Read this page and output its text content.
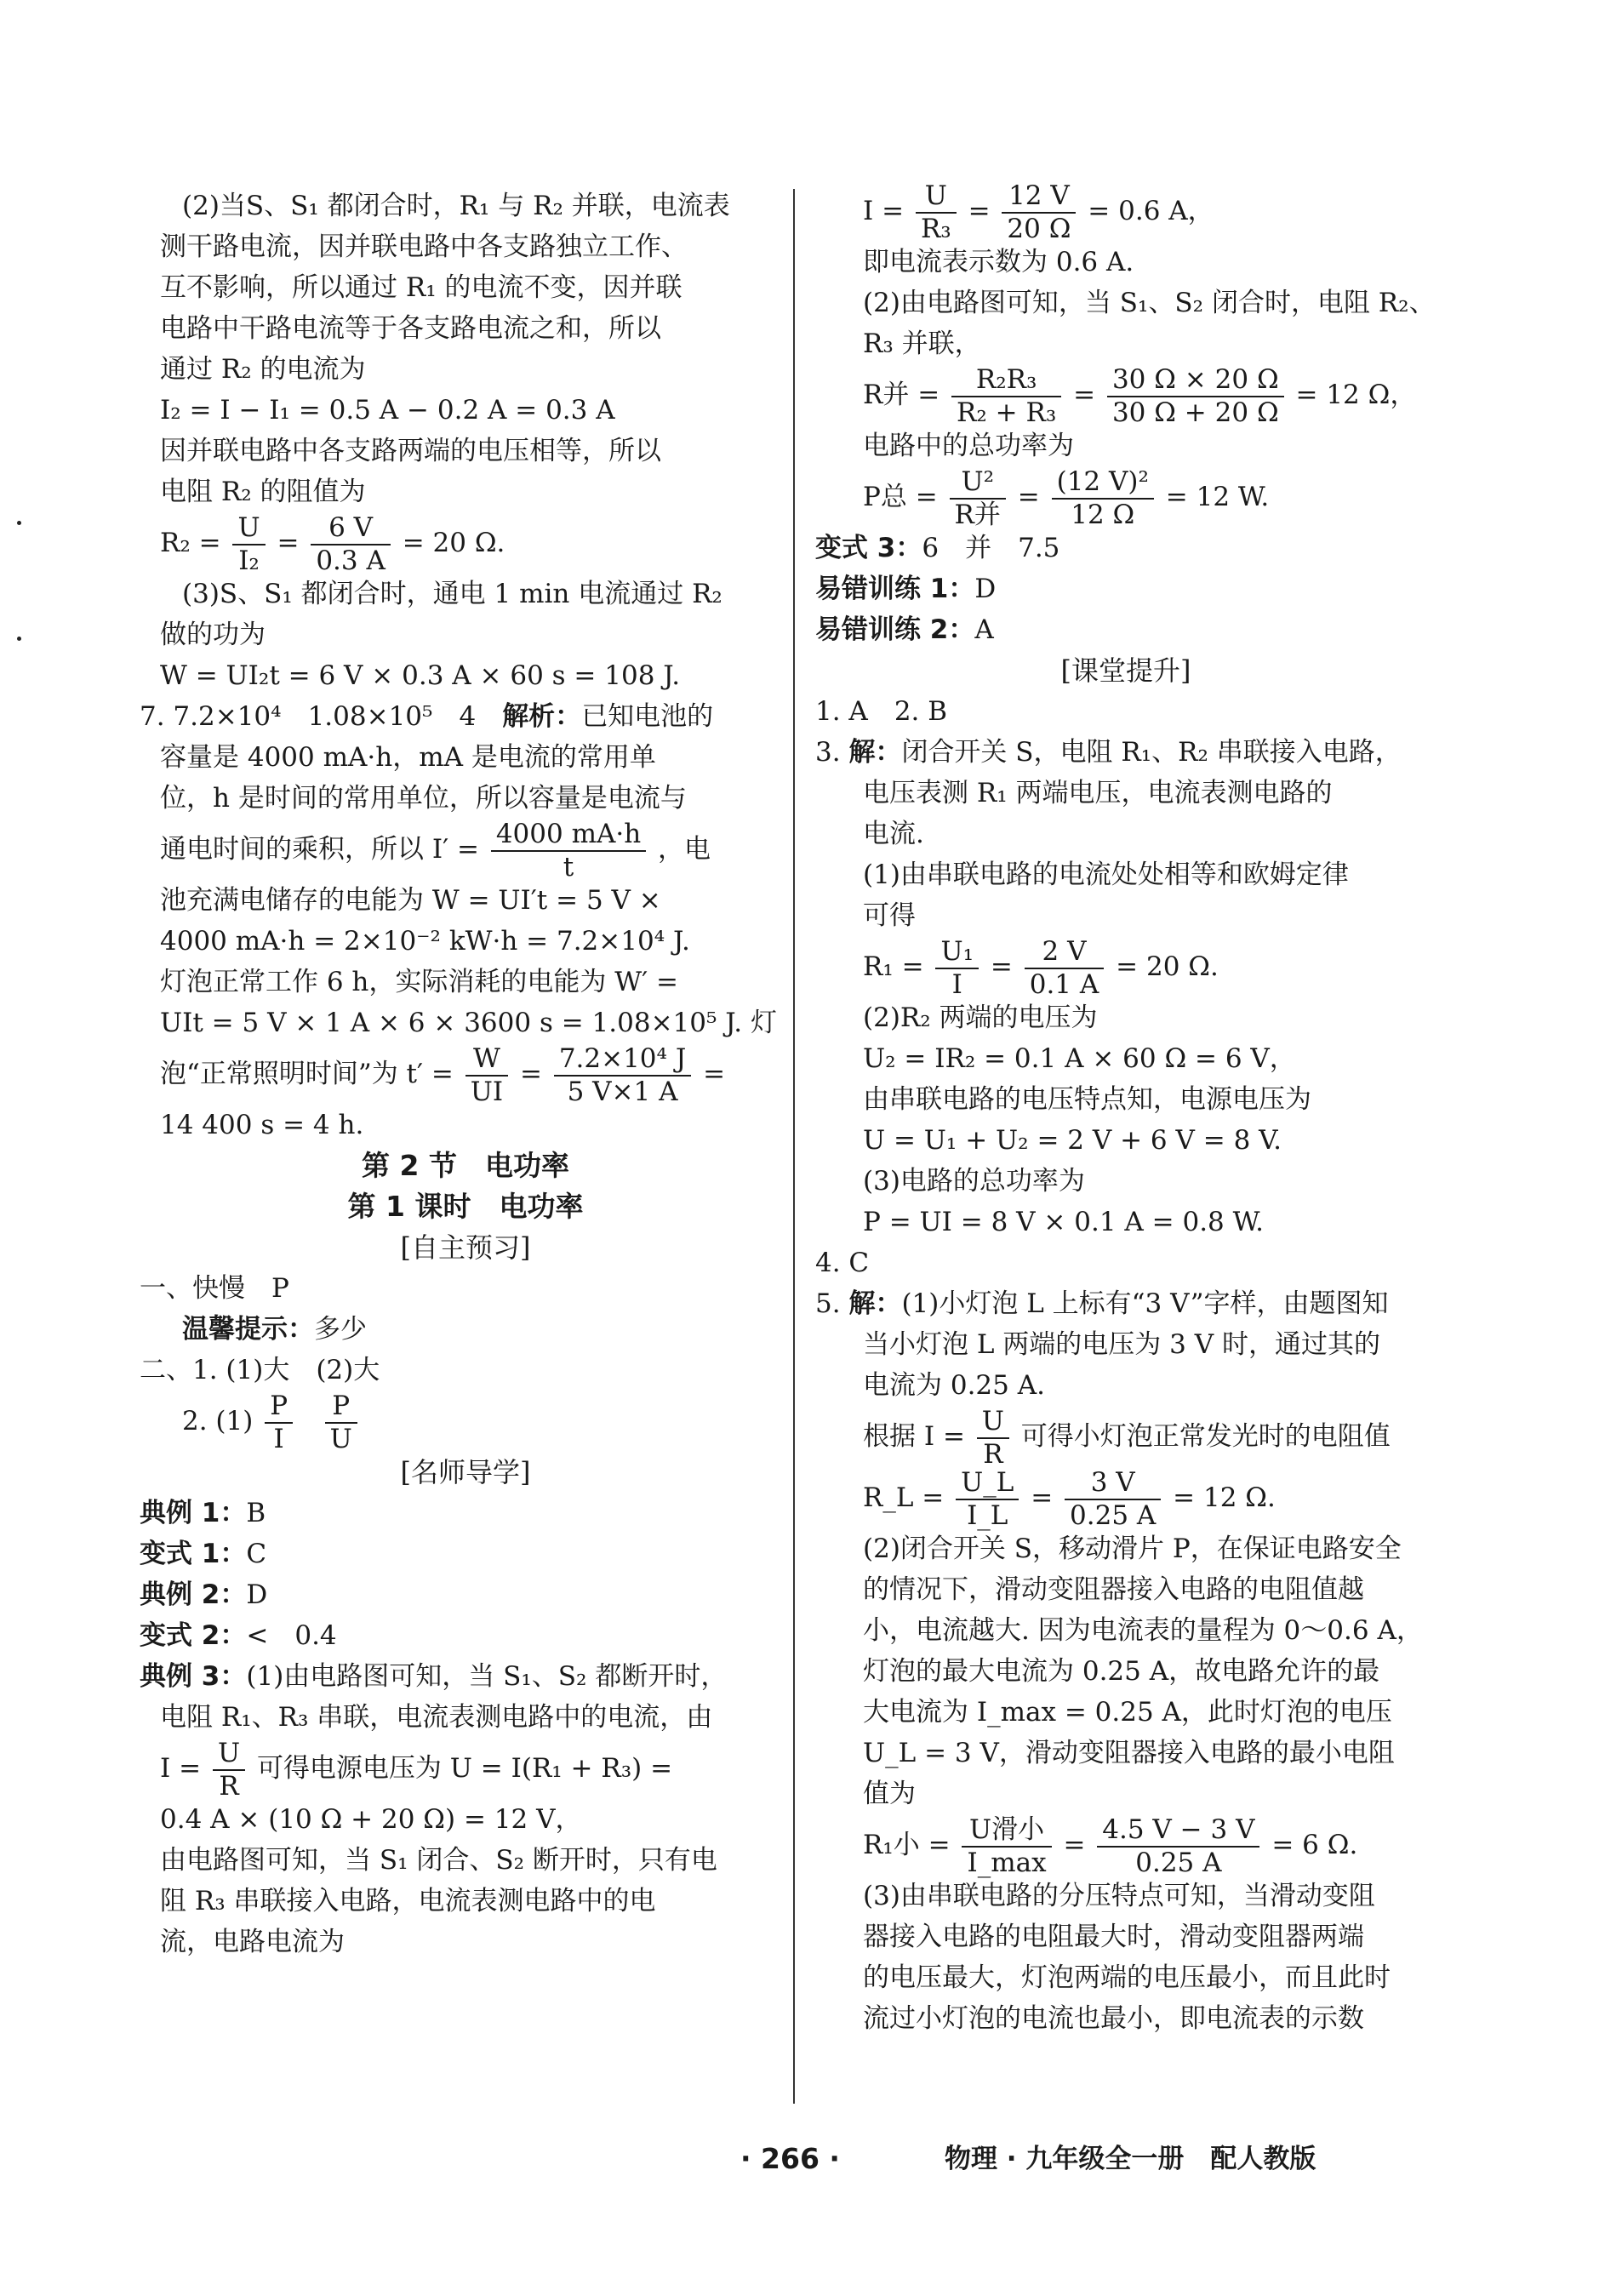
(2)当S、S₁ 都闭合时，R₁ 与 R₂ 并联，电流表
测干路电流，因并联电路中各支路独立工作、
互不影响，所以通过 R₁ 的电流不变，因并联
电路中干路电流等于各支路电流之和，所以
通过 R₂ 的电流为
I₂ = I − I₁ = 0.5 A − 0.2 A = 0.3 A
因并联电路中各支路两端的电压相等，所以
电阻 R₂ 的阻值为
$R_2 = \frac{U}{\text{I₂}} = \frac{6 V}{0.3 A} = 20$ Ω.
(3)S、S₁ 都闭合时，通电 1 min 电流通过 R₂
做的功为
W = UI₂t = 6 V × 0.3 A × 60 s = 108 J.
7. 7.2×10⁴　1.08×10⁵　4　解析：已知电池的
容量是 4000 mA·h，mA 是电流的常用单
位，h 是时间的常用单位，所以容量是电流与
通电时间的乘积，所以 $I' = \frac{4000 mA\cdot h}{t}$ ，电
池充满电储存的电能为 W = UI′t = 5 V ×
4000 mA·h = 2×10⁻² kW·h = 7.2×10⁴ J.
灯泡正常工作 6 h，实际消耗的电能为 W′ =
UIt = 5 V × 1 A × 6 × 3600 s = 1.08×10⁵ J. 灯
泡“正常照明时间”为 $t' = \frac{W}{UI} = \frac{\text{7.2×10⁴ J}}{5 V\times 1 A}$ =
14 400 s = 4 h.
第 2 节　电功率
第 1 课时　电功率
[自主预习]
一、快慢　P
温馨提示：多少
二、1. (1)大　(2)大
2. $(1) \frac{P}{I}$
$\frac{P}{U}$
[名师导学]
典例 1：B
变式 1：C
典例 2：D
变式 2：<　0.4
典例 3：(1)由电路图可知，当 S₁、S₂ 都断开时，
电阻 R₁、R₃ 串联，电流表测电路中的电流，由
$I = \frac{U}{R}$ 可得电源电压为 U = I(R₁ + R₃) =
0.4 A × (10 Ω + 20 Ω) = 12 V，
由电路图可知，当 S₁ 闭合、S₂ 断开时，只有电
阻 R₃ 串联接入电路，电流表测电路中的电
流，电路电流为
$I = \frac{U}{\text{R₃}} = \frac{12 V}{20 \Omega} = 0.6$ A，
即电流表示数为 0.6 A.
(2)由电路图可知，当 S₁、S₂ 闭合时，电阻 R₂、
R₃ 并联，
R并 = $\frac{\text{R₂R₃}}{\text{R₂ + R₃}} = \frac{30 \Omega \times 20 \Omega}{30 \Omega + 20 \Omega} = 12$ Ω，
电路中的总功率为
P总 = $\frac{\text{U²}}{\text{R并}} = \frac{\text{(12 V)²}}{12 \Omega} = 12$ W.
变式 3：6　并　7.5
易错训练 1：D
易错训练 2：A
[课堂提升]
1. A　2. B
3. 解：闭合开关 S，电阻 R₁、R₂ 串联接入电路，
电压表测 R₁ 两端电压，电流表测电路的
电流.
(1)由串联电路的电流处处相等和欧姆定律
可得
$R_1 = \frac{\text{U₁}}{I} = \frac{2 V}{0.1 A} = 20$ Ω.
(2)R₂ 两端的电压为
U₂ = IR₂ = 0.1 A × 60 Ω = 6 V，
由串联电路的电压特点知，电源电压为
U = U₁ + U₂ = 2 V + 6 V = 8 V.
(3)电路的总功率为
P = UI = 8 V × 0.1 A = 0.8 W.
4. C
5. 解：(1)小灯泡 L 上标有“3 V”字样，由题图知
当小灯泡 L 两端的电压为 3 V 时，通过其的
电流为 0.25 A.
根据 $I = \frac{U}{R}$ 可得小灯泡正常发光时的电阻值
R_L = $\frac{U\_L}{I\_L} = \frac{3 V}{0.25 A} = 12$ Ω.
(2)闭合开关 S，移动滑片 P，在保证电路安全
的情况下，滑动变阻器接入电路的电阻值越
小，电流越大. 因为电流表的量程为 0～0.6 A，
灯泡的最大电流为 0.25 A，故电路允许的最
大电流为 I_max = 0.25 A，此时灯泡的电压
U_L = 3 V，滑动变阻器接入电路的最小电阻
值为
R₁小 = $\frac{\text{U滑小}}{I\_\max} = \frac{4.5 V - 3 V}{0.25 A} = 6$ Ω.
(3)由串联电路的分压特点可知，当滑动变阻
器接入电路的电阻最大时，滑动变阻器两端
的电压最大，灯泡两端的电压最小，而且此时
流过小灯泡的电流也最小，即电流表的示数
· 266 ·	物理 · 九年级全一册　配人教版
